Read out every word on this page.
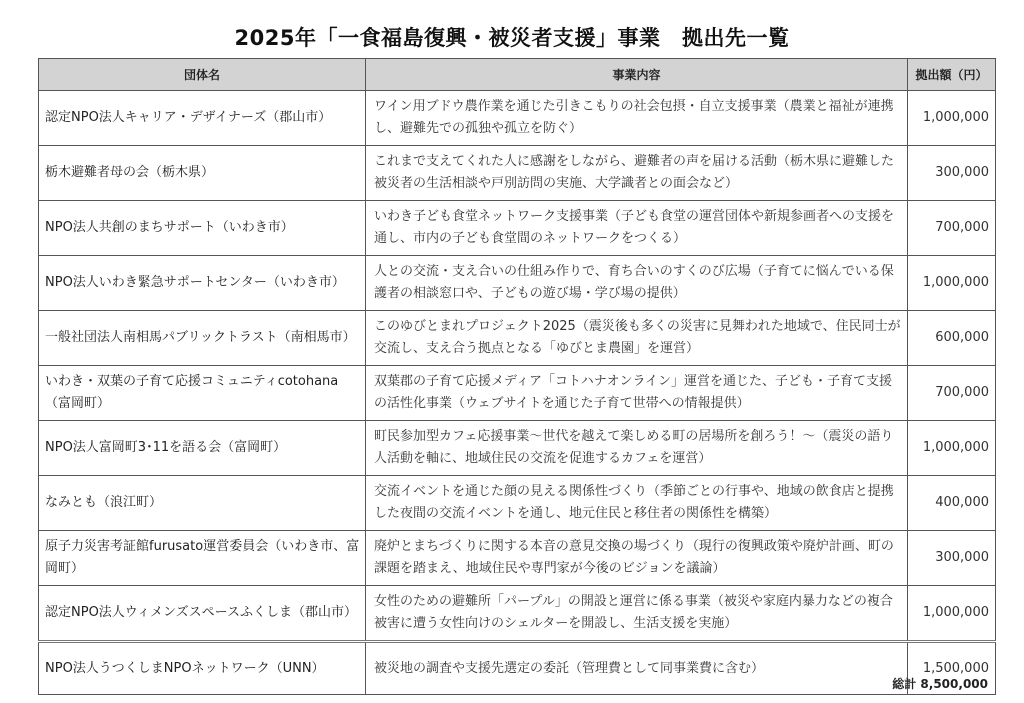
2025年「一食福島復興・被災者支援」事業　拠出先一覧
団体名	事業内容	拠出額（円）
認定NPO法人キャリア・デザイナーズ（郡山市）	ワイン用ブドウ農作業を通じた引きこもりの社会包摂・自立支援事業（農業と福祉が連携し、避難先での孤独や孤立を防ぐ）	1,000,000
栃木避難者母の会（栃木県）	これまで支えてくれた人に感謝をしながら、避難者の声を届ける活動（栃木県に避難した被災者の生活相談や戸別訪問の実施、大学識者との面会など）	300,000
NPO法人共創のまちサポート（いわき市）	いわき子ども食堂ネットワーク支援事業（子ども食堂の運営団体や新規参画者への支援を通し、市内の子ども食堂間のネットワークをつくる）	700,000
NPO法人いわき緊急サポートセンター（いわき市）	人との交流・支え合いの仕組み作りで、育ち合いのすくのび広場（子育てに悩んでいる保護者の相談窓口や、子どもの遊び場・学び場の提供）	1,000,000
一般社団法人南相馬パブリックトラスト（南相馬市）	このゆびとまれプロジェクト2025（震災後も多くの災害に見舞われた地域で、住民同士が交流し、支え合う拠点となる「ゆびとま農園」を運営）	600,000
いわき・双葉の子育て応援コミュニティcotohana（富岡町）	双葉郡の子育て応援メディア「コトハナオンライン」運営を通じた、子ども・子育て支援の活性化事業（ウェブサイトを通じた子育て世帯への情報提供）	700,000
NPO法人富岡町3･11を語る会（富岡町）	町民参加型カフェ応援事業～世代を越えて楽しめる町の居場所を創ろう！～（震災の語り人活動を軸に、地域住民の交流を促進するカフェを運営）	1,000,000
なみとも（浪江町）	交流イベントを通じた顔の見える関係性づくり（季節ごとの行事や、地域の飲食店と提携した夜間の交流イベントを通し、地元住民と移住者の関係性を構築）	400,000
原子力災害考証館furusato運営委員会（いわき市、富岡町）	廃炉とまちづくりに関する本音の意見交換の場づくり（現行の復興政策や廃炉計画、町の課題を踏まえ、地域住民や専門家が今後のビジョンを議論）	300,000
認定NPO法人ウィメンズスペースふくしま（郡山市）	女性のための避難所「パープル」の開設と運営に係る事業（被災や家庭内暴力などの複合被害に遭う女性向けのシェルターを開設し、生活支援を実施）	1,000,000
NPO法人うつくしまNPOネットワーク（UNN）	被災地の調査や支援先選定の委託（管理費として同事業費に含む）	1,500,000
総計 8,500,000
